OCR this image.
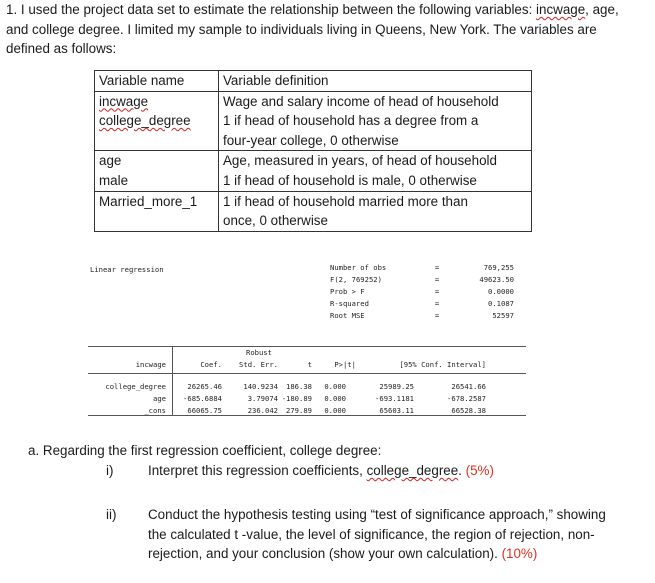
1. I used the project data set to estimate the relationship between the following variables: incwage, age,
and college degree. I limited my sample to individuals living in Queens, New York. The variables are
defined as follows:
Variable name	Variable definition
incwage	Wage and salary income of head of household
college_degree	1 if head of household has a degree from a
four-year college, 0 otherwise

age	Age, measured in years, of head of household
male	1 if head of household is male, 0 otherwise
Married_more_1	1 if head of household married more than
once, 0 otherwise
Linear regression	Number of obs	=	769,255
F(2, 769252)	=	49623.50
Prob > F	=	0.0000
R-squared	=	0.1087
Root MSE	=	52597
Robust
incwage	Coef.	Std. Err.	t	P>|t|	[95% Conf. Interval]
college_degree	26265.46	140.9234	186.38	0.000	25989.25	26541.66
age	-685.6884	3.79074 -180.89	0.000	-693.1181	-678.2587
_cons	66065.75	236.042	279.89	0.000	65603.11	66528.38
a. Regarding the first regression coefficient, college degree:
i)	Interpret this regression coefficients, college_degree. (5%)
ii) Conduct the hypothesis testing using “test of significance approach,” showing the calculated t -value, the level of significance, the region of rejection, non-rejection, and your conclusion (show your own calculation). (10%)
